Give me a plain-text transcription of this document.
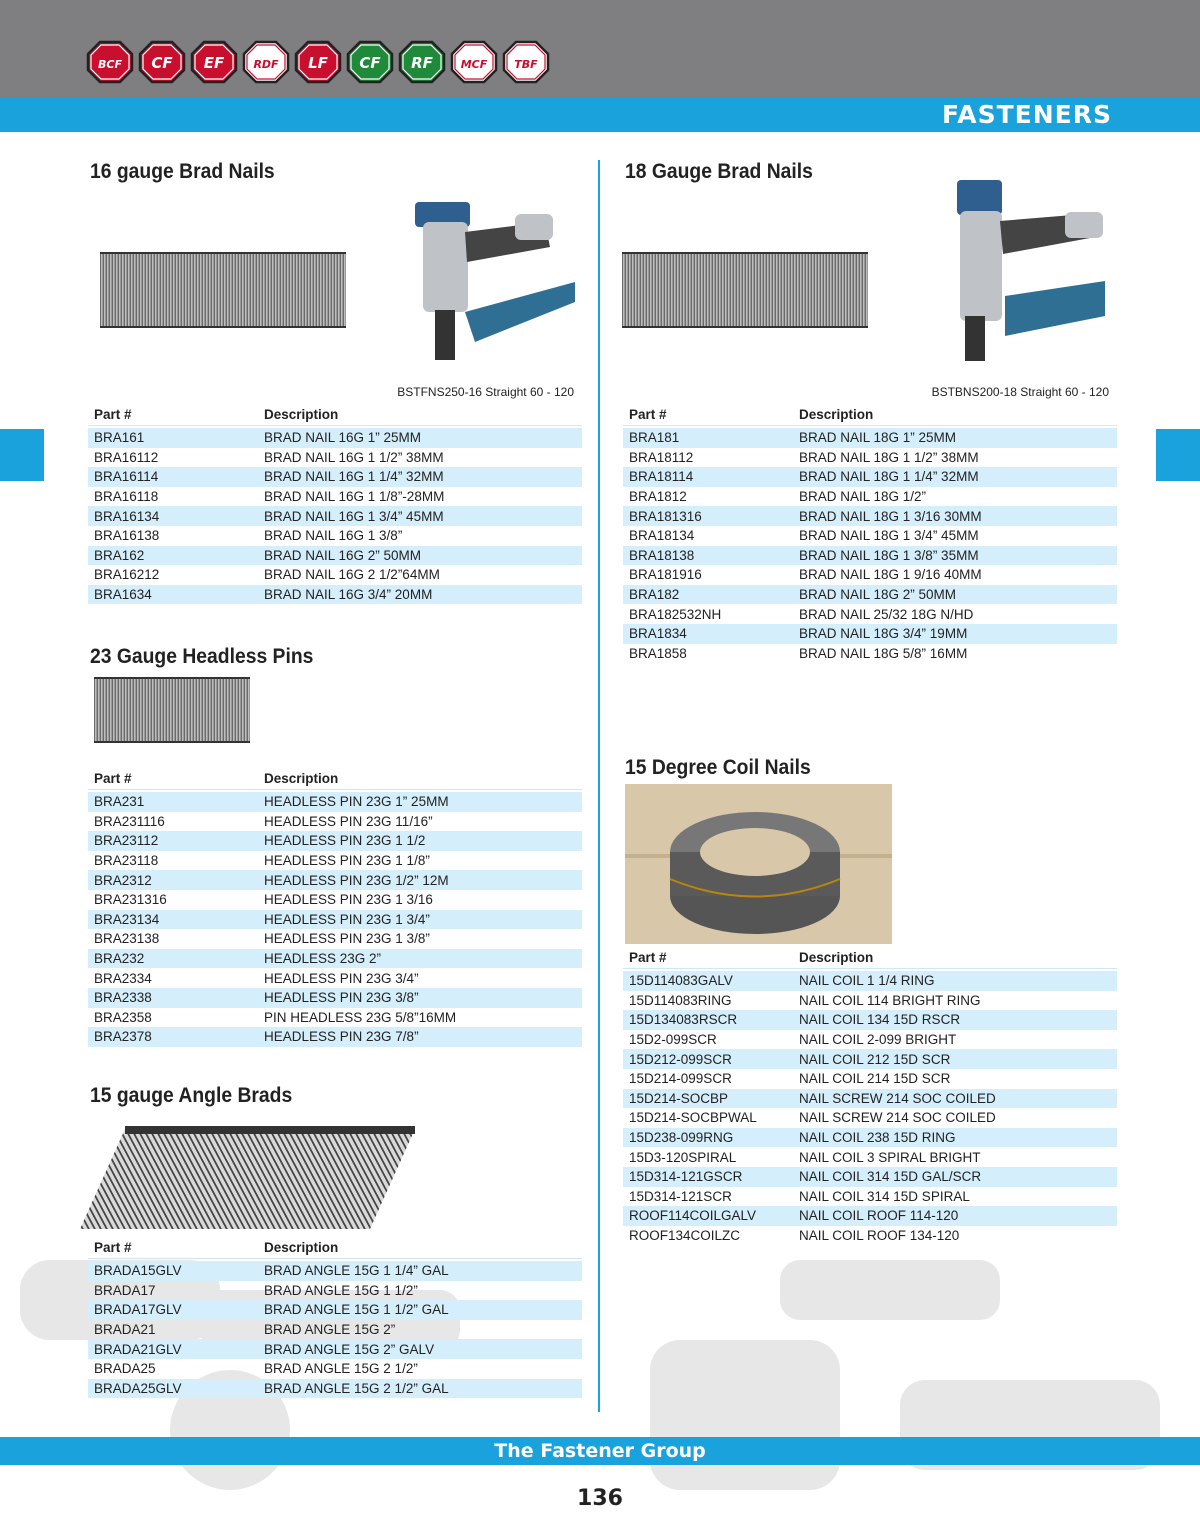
BCF CF EF	RDF LF CF RF	MCF TBF
FASTENERS
16 gauge Brad Nails
BSTFNS250-16 Straight 60 - 120
Part #	Description
BRA161	BRAD NAIL 16G 1” 25MM
BRA16112	BRAD NAIL 16G 1 1/2” 38MM
BRA16114	BRAD NAIL 16G 1 1/4” 32MM
BRA16118	BRAD NAIL 16G 1 1/8”-28MM
BRA16134	BRAD NAIL 16G 1 3/4” 45MM
BRA16138	BRAD NAIL 16G 1 3/8”
BRA162	BRAD NAIL 16G 2” 50MM
BRA16212	BRAD NAIL 16G 2 1/2”64MM
BRA1634	BRAD NAIL 16G 3/4” 20MM
23 Gauge Headless Pins
Part #	Description
BRA231	HEADLESS PIN 23G 1” 25MM
BRA231116	HEADLESS PIN 23G 11/16”
BRA23112	HEADLESS PIN 23G 1 1/2
BRA23118	HEADLESS PIN 23G 1 1/8”
BRA2312	HEADLESS PIN 23G 1/2” 12M
BRA231316	HEADLESS PIN 23G 1 3/16
BRA23134	HEADLESS PIN 23G 1 3/4”
BRA23138	HEADLESS PIN 23G 1 3/8”
BRA232	HEADLESS 23G 2”
BRA2334	HEADLESS PIN 23G 3/4”
BRA2338	HEADLESS PIN 23G 3/8”
BRA2358	PIN HEADLESS 23G 5/8”16MM
BRA2378	HEADLESS PIN 23G 7/8”
15 gauge Angle Brads
Part #	Description
BRADA15GLV	BRAD ANGLE 15G 1 1/4” GAL
BRADA17	BRAD ANGLE 15G 1 1/2”
BRADA17GLV	BRAD ANGLE 15G 1 1/2” GAL
BRADA21	BRAD ANGLE 15G 2”
BRADA21GLV	BRAD ANGLE 15G 2” GALV
BRADA25	BRAD ANGLE 15G 2 1/2”
BRADA25GLV	BRAD ANGLE 15G 2 1/2” GAL
18 Gauge Brad Nails
BSTBNS200-18 Straight 60 - 120
Part #	Description
BRA181	BRAD NAIL 18G 1” 25MM
BRA18112	BRAD NAIL 18G 1 1/2” 38MM
BRA18114	BRAD NAIL 18G 1 1/4” 32MM
BRA1812	BRAD NAIL 18G 1/2”
BRA181316	BRAD NAIL 18G 1 3/16 30MM
BRA18134	BRAD NAIL 18G 1 3/4” 45MM
BRA18138	BRAD NAIL 18G 1 3/8” 35MM
BRA181916	BRAD NAIL 18G 1 9/16 40MM
BRA182	BRAD NAIL 18G 2” 50MM
BRA182532NH	BRAD NAIL 25/32 18G N/HD
BRA1834	BRAD NAIL 18G 3/4” 19MM
BRA1858	BRAD NAIL 18G 5/8” 16MM
15 Degree Coil Nails
Part #	Description
15D114083GALV	NAIL COIL 1 1/4 RING
15D114083RING	NAIL COIL 114 BRIGHT RING
15D134083RSCR	NAIL COIL 134 15D RSCR
15D2-099SCR	NAIL COIL 2-099 BRIGHT
15D212-099SCR	NAIL COIL 212 15D SCR
15D214-099SCR	NAIL COIL 214 15D SCR
15D214-SOCBP	NAIL SCREW 214 SOC COILED
15D214-SOCBPWAL	NAIL SCREW 214 SOC COILED
15D238-099RNG	NAIL COIL 238 15D RING
15D3-120SPIRAL	NAIL COIL 3 SPIRAL BRIGHT
15D314-121GSCR	NAIL COIL 314 15D GAL/SCR
15D314-121SCR	NAIL COIL 314 15D SPIRAL
ROOF114COILGALV	NAIL COIL ROOF 114-120
ROOF134COILZC	NAIL COIL ROOF 134-120
The Fastener Group
136
